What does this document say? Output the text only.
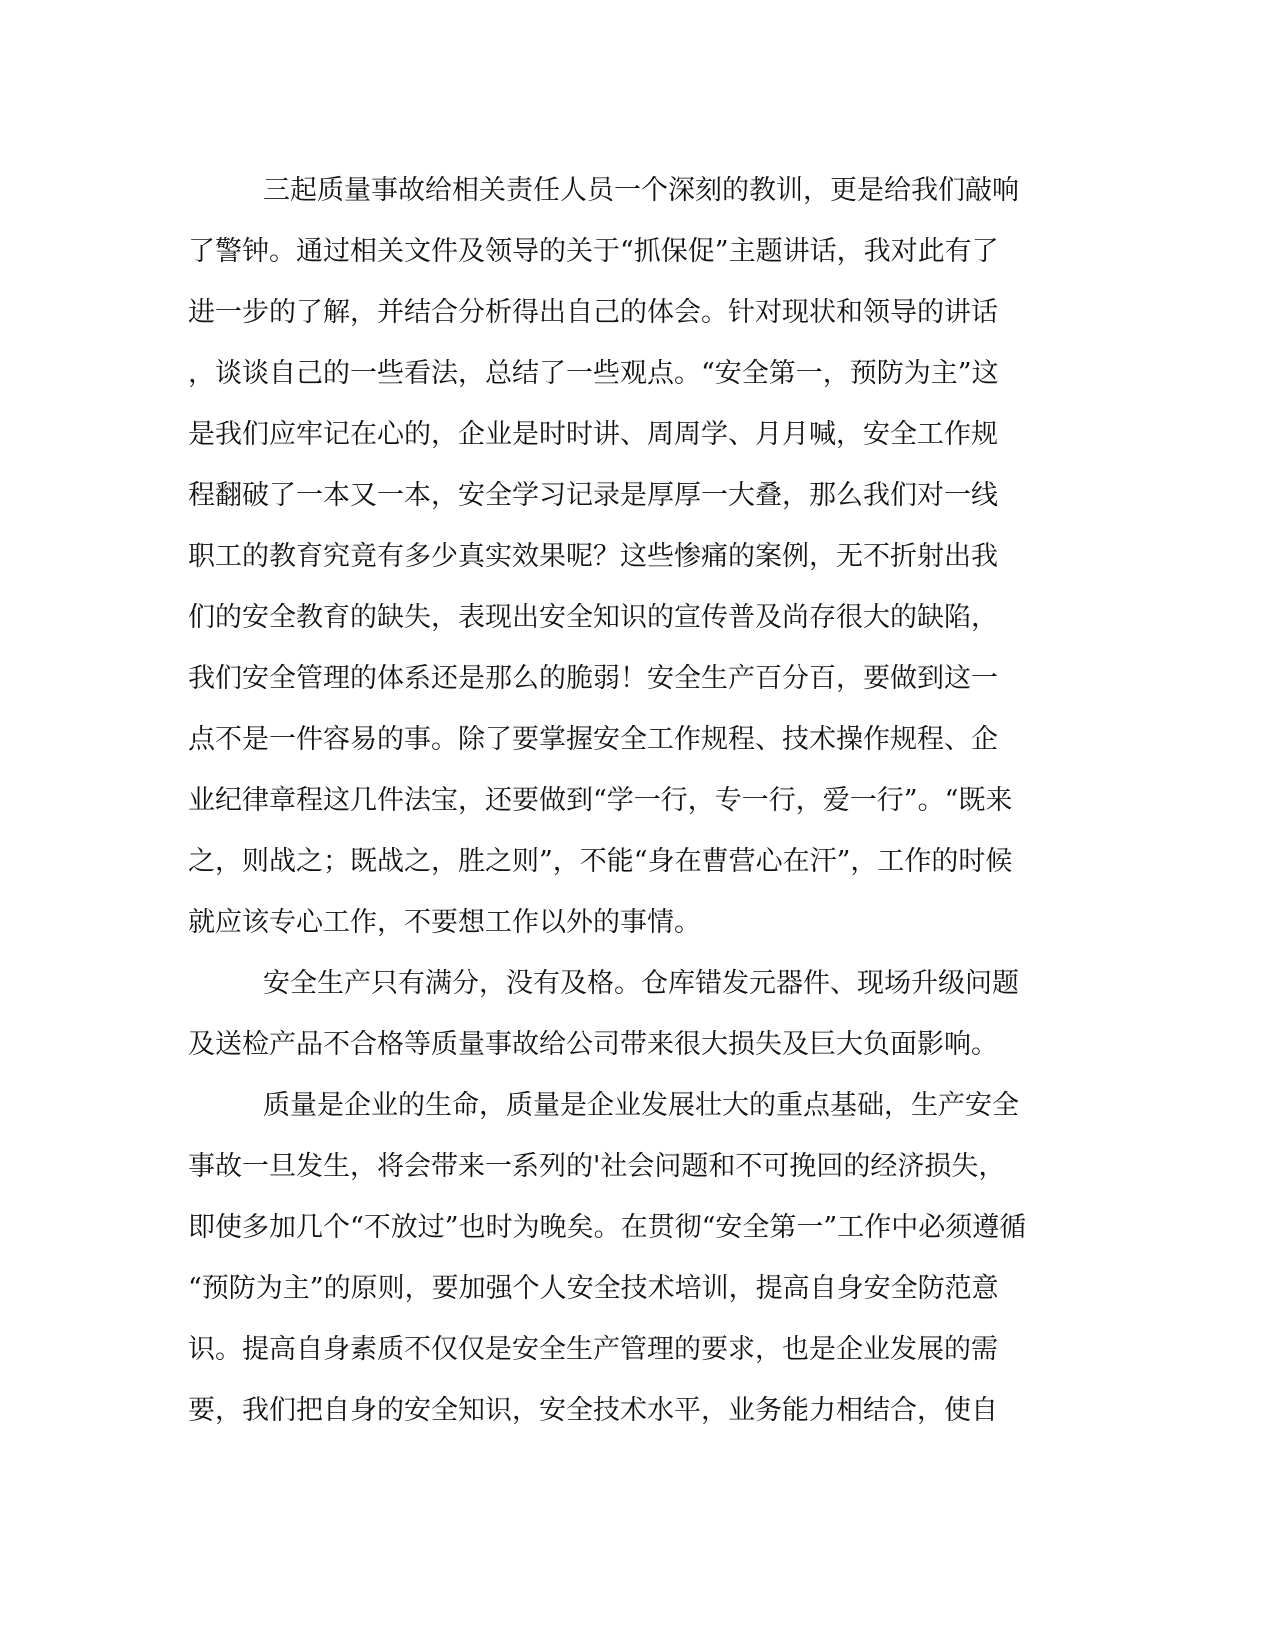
三起质量事故给相关责任人员一个深刻的教训，更是给我们敲响
了警钟。通过相关文件及领导的关于“抓保促”主题讲话，我对此有了
进一步的了解，并结合分析得出自己的体会。针对现状和领导的讲话
，谈谈自己的一些看法，总结了一些观点。“安全第一，预防为主”这
是我们应牢记在心的，企业是时时讲、周周学、月月喊，安全工作规
程翻破了一本又一本，安全学习记录是厚厚一大叠，那么我们对一线
职工的教育究竟有多少真实效果呢？这些惨痛的案例，无不折射出我
们的安全教育的缺失，表现出安全知识的宣传普及尚存很大的缺陷，
我们安全管理的体系还是那么的脆弱！安全生产百分百，要做到这一
点不是一件容易的事。除了要掌握安全工作规程、技术操作规程、企
业纪律章程这几件法宝，还要做到“学一行，专一行，爱一行”。“既来
之，则战之；既战之，胜之则”，不能“身在曹营心在汗”，工作的时候
就应该专心工作，不要想工作以外的事情。
安全生产只有满分，没有及格。仓库错发元器件、现场升级问题
及送检产品不合格等质量事故给公司带来很大损失及巨大负面影响。
质量是企业的生命，质量是企业发展壮大的重点基础，生产安全
事故一旦发生，将会带来一系列的'社会问题和不可挽回的经济损失，
即使多加几个“不放过”也时为晚矣。在贯彻“安全第一”工作中必须遵循
“预防为主”的原则，要加强个人安全技术培训，提高自身安全防范意
识。提高自身素质不仅仅是安全生产管理的要求，也是企业发展的需
要，我们把自身的安全知识，安全技术水平，业务能力相结合，使自
